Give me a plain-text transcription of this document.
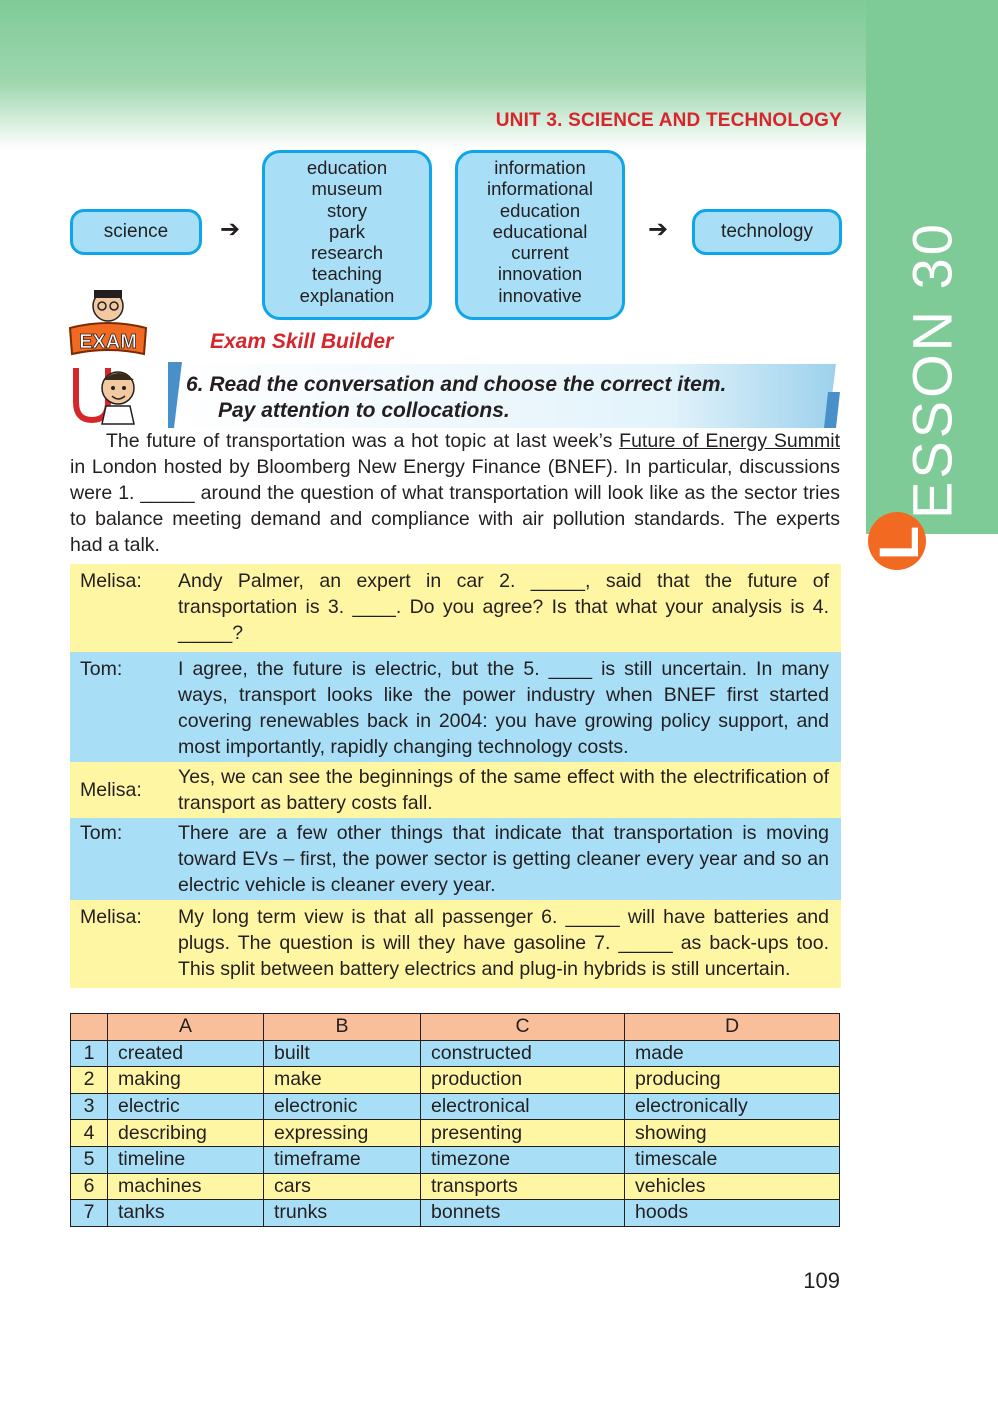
UNIT 3. SCIENCE AND TECHNOLOGY
ESSON 30
L
science	➔
education
museum
story
park
research
teaching
explanation
information
informational
education
educational
current
innovation
innovative
➔	technology
EXAM	Exam Skill Builder
6. Read the conversation and choose the correct item.
Pay attention to collocations.

The future of transportation was a hot topic at last week’s Future of Energy Summit in London hosted by Bloomberg New Energy Finance (BNEF). In particular, discussions were 1. _____ around the question of what transportation will look like as the sector tries to balance meeting demand and compliance with air pollution standards. The experts had a talk.

Melisa:	Andy Palmer, an expert in car 2. _____, said that the future of transportation is 3. ____. Do you agree? Is that what your analysis is 4. _____?
Tom:	I agree, the future is electric, but the 5. ____ is still uncertain. In many ways, transport looks like the power industry when BNEF first started covering renewables back in 2004: you have growing policy support, and most importantly, rapidly changing technology costs.
Melisa:
Yes, we can see the beginnings of the same effect with the electrification of transport as battery costs fall.
Tom:	There are a few other things that indicate that transportation is moving toward EVs – first, the power sector is getting cleaner every year and so an electric vehicle is cleaner every year.
Melisa:	My long term view is that all passenger 6. _____ will have batteries and plugs. The question is will they have gasoline 7. _____ as back-ups too. This split between battery electrics and plug-in hybrids is still uncertain.
	A	B	C	D
1	created	built	constructed	made
2	making	make	production	producing
3	electric	electronic	electronical	electronically
4	describing	expressing	presenting	showing
5	timeline	timeframe	timezone	timescale
6	machines	cars	transports	vehicles
7	tanks	trunks	bonnets	hoods
109
